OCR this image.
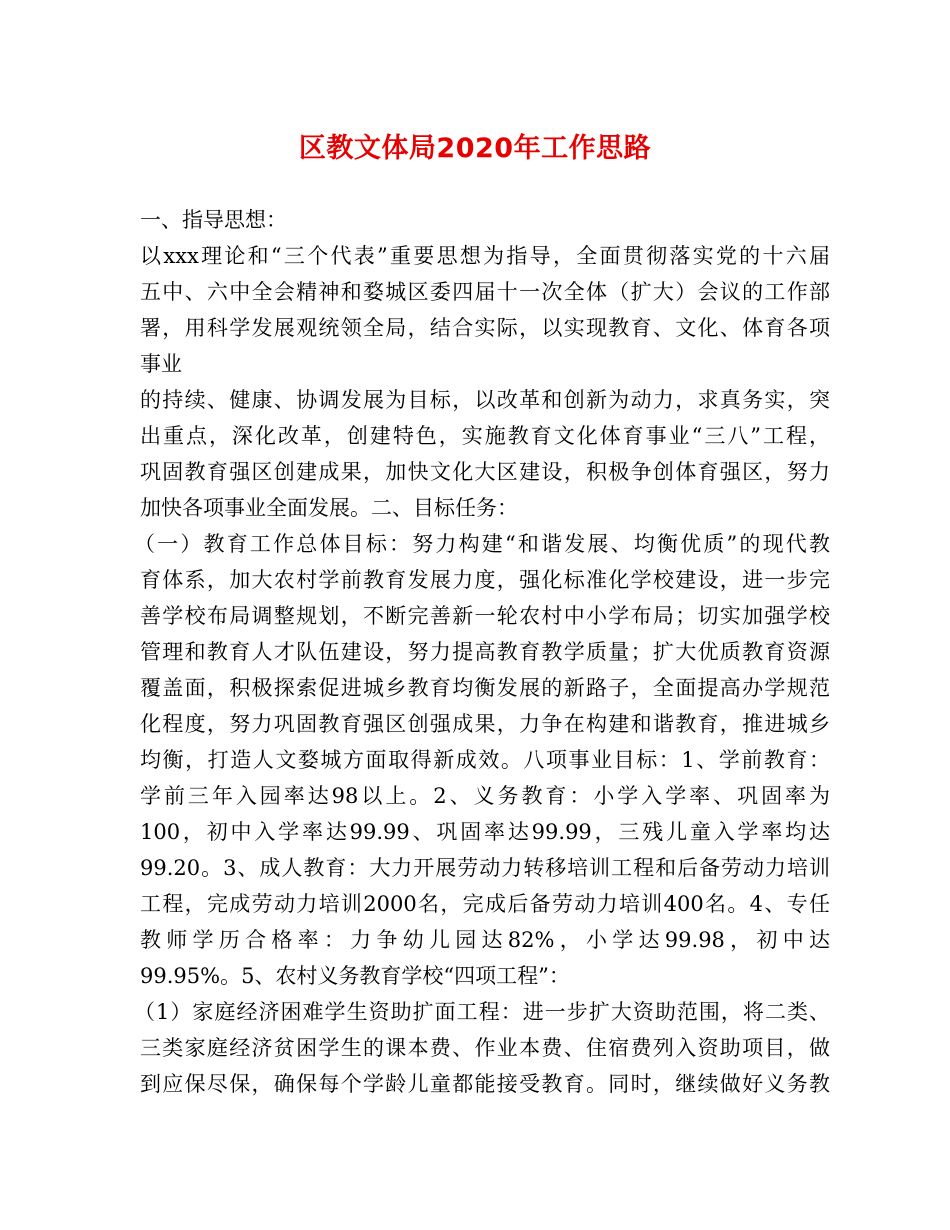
区教文体局2020年工作思路
一、指导思想：
以xxx理论和“三个代表”重要思想为指导，全面贯彻落实党的十六届
五中、六中全会精神和婺城区委四届十一次全体（扩大）会议的工作部
署，用科学发展观统领全局，结合实际，以实现教育、文化、体育各项
事业
的持续、健康、协调发展为目标，以改革和创新为动力，求真务实，突
出重点，深化改革，创建特色，实施教育文化体育事业“三八”工程，
巩固教育强区创建成果，加快文化大区建设，积极争创体育强区，努力
加快各项事业全面发展。二、目标任务：
（一）教育工作总体目标：努力构建“和谐发展、均衡优质”的现代教
育体系，加大农村学前教育发展力度，强化标准化学校建设，进一步完
善学校布局调整规划，不断完善新一轮农村中小学布局；切实加强学校
管理和教育人才队伍建设，努力提高教育教学质量；扩大优质教育资源
覆盖面，积极探索促进城乡教育均衡发展的新路子，全面提高办学规范
化程度，努力巩固教育强区创强成果，力争在构建和谐教育，推进城乡
均衡，打造人文婺城方面取得新成效。八项事业目标：1、学前教育：
学前三年入园率达98以上。2、义务教育：小学入学率、巩固率为
100，初中入学率达99.99、巩固率达99.99，三残儿童入学率均达
99.20。3、成人教育：大力开展劳动力转移培训工程和后备劳动力培训
工程，完成劳动力培训2000名，完成后备劳动力培训400名。4、专任
教师学历合格率：力争幼儿园达82%，小学达99.98，初中达
99.95%。5、农村义务教育学校“四项工程”：
（1）家庭经济困难学生资助扩面工程：进一步扩大资助范围，将二类、
三类家庭经济贫困学生的课本费、作业本费、住宿费列入资助项目，做
到应保尽保，确保每个学龄儿童都能接受教育。同时，继续做好义务教
